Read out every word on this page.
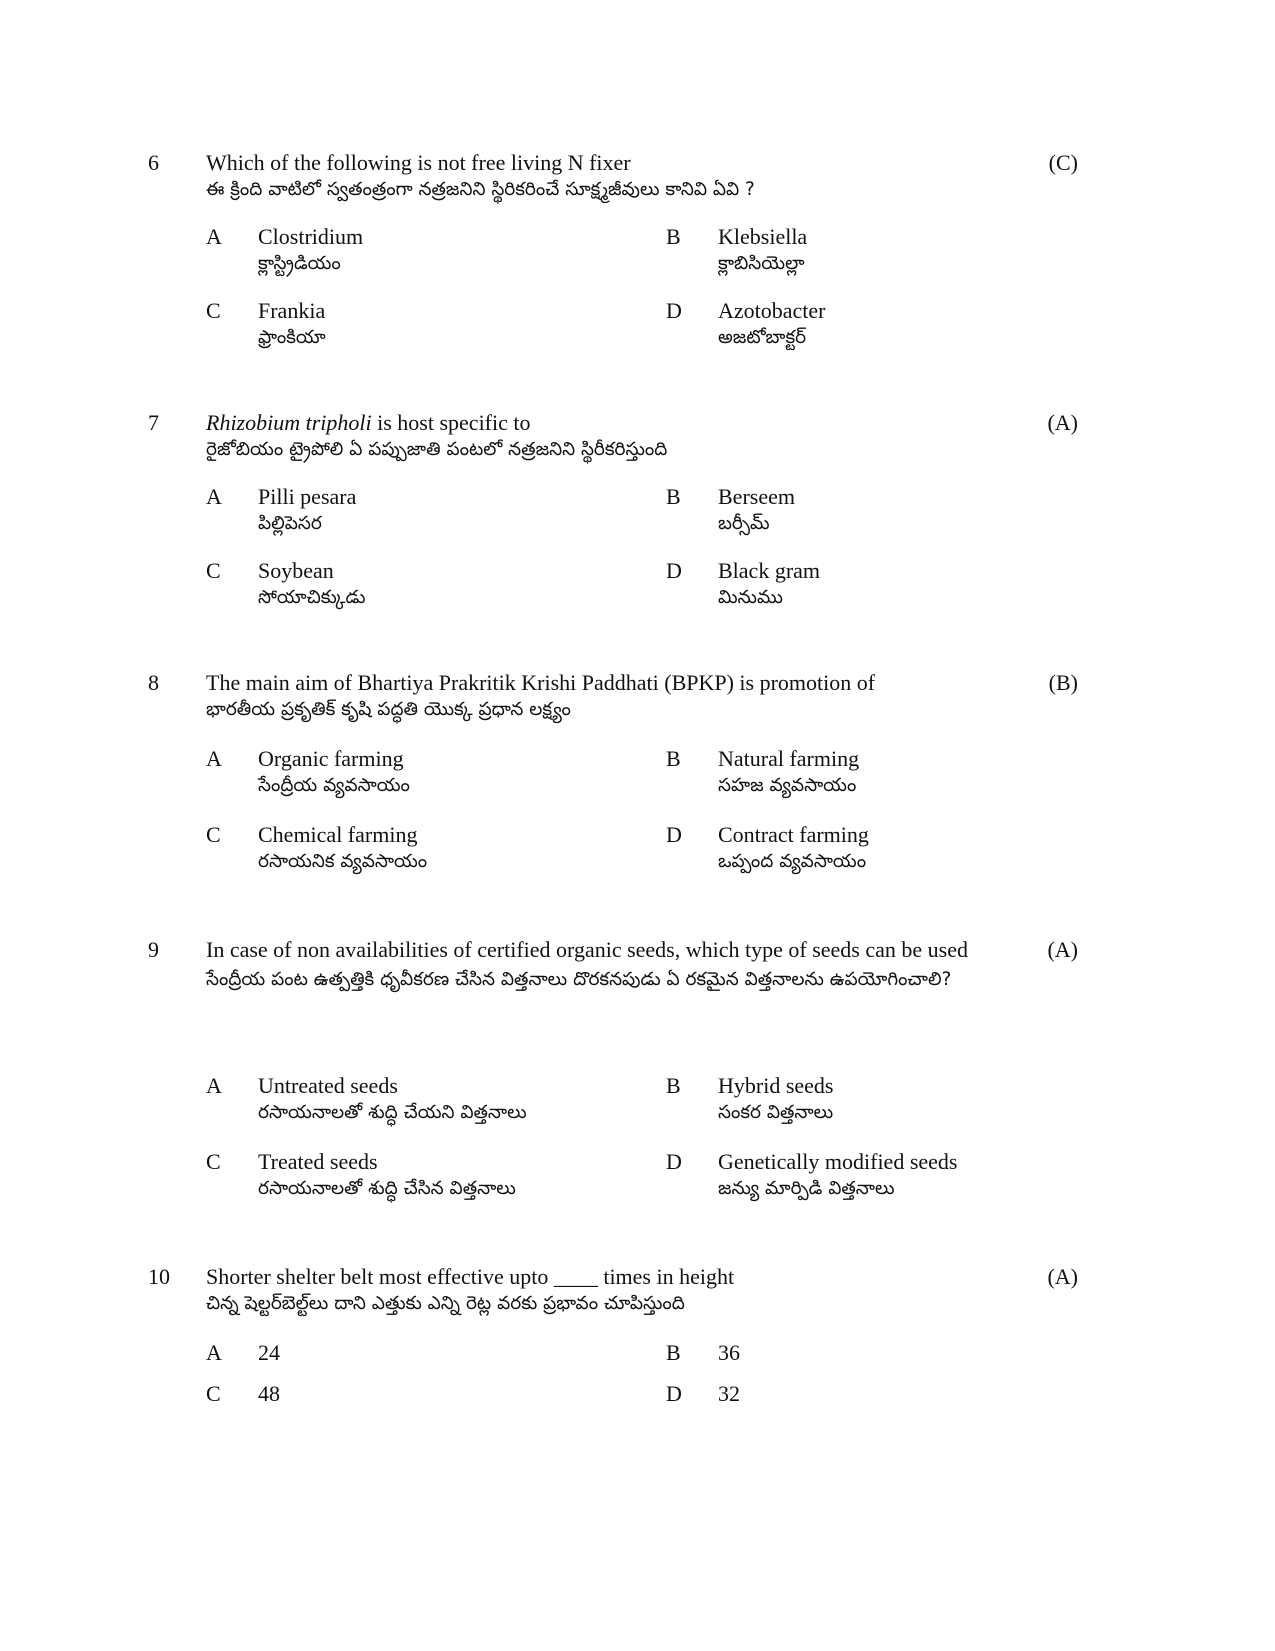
6 Which of the following is not free living N fixer
ఈ క్రింది వాటిలో స్వతంత్రంగా నత్రజనిని స్థిరికరించే సూక్ష్మజీవులు కానివి ఏవి ?
(C)
A Clostridium
క్లాస్ట్రిడియం
B Klebsiella
క్లాబిసియెల్లా
C Frankia
ఫ్రాంకియా
D Azotobacter
అజటోబాక్టర్
7 Rhizobium tripholi is host specific to
రైజోబియం ట్రైపోలి ఏ పప్పుజాతి పంటలో నత్రజనిని స్థిరీకరిస్తుంది
(A)
A Pilli pesara
పిల్లిపెసర
B Berseem
బర్సీమ్
C Soybean
సోయాచిక్కుడు
D Black gram
మినుము
8 The main aim of Bhartiya Prakritik Krishi Paddhati (BPKP) is promotion of
భారతీయ ప్రకృతిక్ కృషి పద్ధతి యొక్క ప్రధాన లక్ష్యం
(B)
A Organic farming
సేంద్రీయ వ్యవసాయం
B Natural farming
సహజ వ్యవసాయం
C Chemical farming
రసాయనిక వ్యవసాయం
D Contract farming
ఒప్పంద వ్యవసాయం
9 In case of non availabilities of certified organic seeds, which type of seeds can be used
సేంద్రీయ పంట ఉత్పత్తికి ధృవీకరణ చేసిన విత్తనాలు దొరకనపుడు ఏ రకమైన విత్తనాలను ఉపయోగించాలి?
(A)
A Untreated seeds
రసాయనాలతో శుద్ధి చేయని విత్తనాలు
B Hybrid seeds
సంకర విత్తనాలు
C Treated seeds
రసాయనాలతో శుద్ధి చేసిన విత్తనాలు
D Genetically modified seeds
జన్యు మార్పిడి విత్తనాలు
10 Shorter shelter belt most effective upto ____ times in height
చిన్న షెల్టర్‌బెల్ట్‌లు దాని ఎత్తుకు ఎన్ని రెట్ల వరకు ప్రభావం చూపిస్తుంది
(A)
A 24	B 36
C 48	D 32
